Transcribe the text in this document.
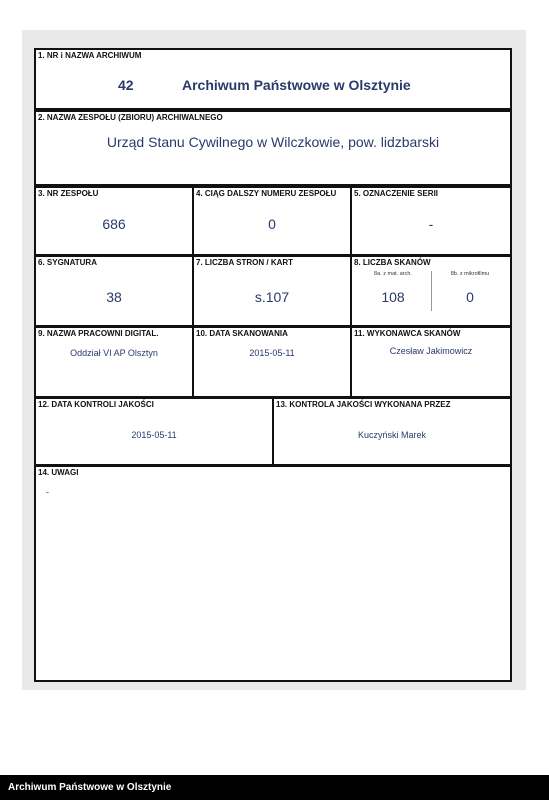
1. NR i NAZWA ARCHIWUM
42	Archiwum Państwowe w Olsztynie
2. NAZWA ZESPOŁU (ZBIORU) ARCHIWALNEGO
Urząd Stanu Cywilnego w Wilczkowie, pow. lidzbarski
3. NR ZESPOŁU
686
4. CIĄG DALSZY NUMERU ZESPOŁU
0
5. OZNACZENIE SERII
-
6. SYGNATURA
38
7. LICZBA STRON / KART
s.107
8. LICZBA SKANÓW
8a. z mat. arch.
108
8b. z mikrofilmu
0
9. NAZWA PRACOWNI DIGITAL.
Oddział VI AP Olsztyn
10. DATA SKANOWANIA
2015-05-11
11. WYKONAWCA SKANÓW
Czesław Jakimowicz
12. DATA KONTROLI JAKOŚCI
2015-05-11
13. KONTROLA JAKOŚCI WYKONANA PRZEZ
Kuczyński Marek
14. UWAGI
-
Archiwum Państwowe w Olsztynie
